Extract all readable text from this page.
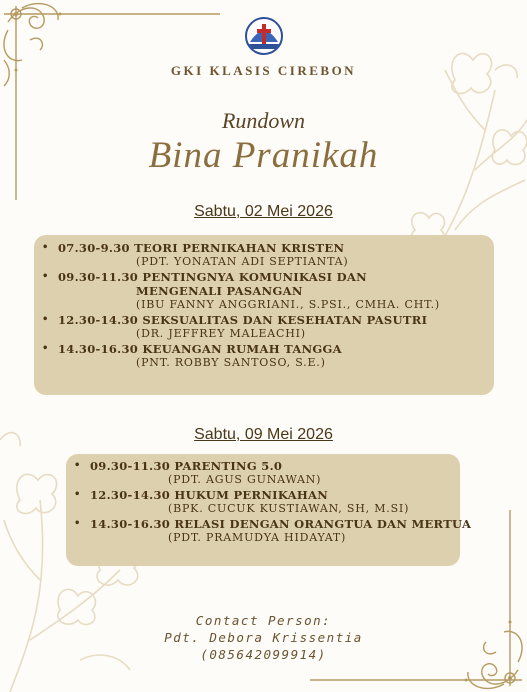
GKI KLASIS CIREBON
Rundown
Bina Pranikah
Sabtu, 02 Mei 2026
• 07.30-9.30 TEORI PERNIKAHAN KRISTEN
(PDT. YONATAN ADI SEPTIANTA)
• 09.30-11.30 PENTINGNYA KOMUNIKASI DAN MENGENALI PASANGAN
(IBU FANNY ANGGRIANI., S.PSI., CMHA. CHT.)
• 12.30-14.30 SEKSUALITAS DAN KESEHATAN PASUTRI
(DR. JEFFREY MALEACHI)
• 14.30-16.30 KEUANGAN RUMAH TANGGA
(PNT. ROBBY SANTOSO, S.E.)
Sabtu, 09 Mei 2026
• 09.30-11.30 PARENTING 5.0
(PDT. AGUS GUNAWAN)
• 12.30-14.30 HUKUM PERNIKAHAN
(BPK. CUCUK KUSTIAWAN, SH, M.SI)
• 14.30-16.30 RELASI DENGAN ORANGTUA DAN MERTUA
(PDT. PRAMUDYA HIDAYAT)
Contact Person:
Pdt. Debora Krissentia
(085642099914)
